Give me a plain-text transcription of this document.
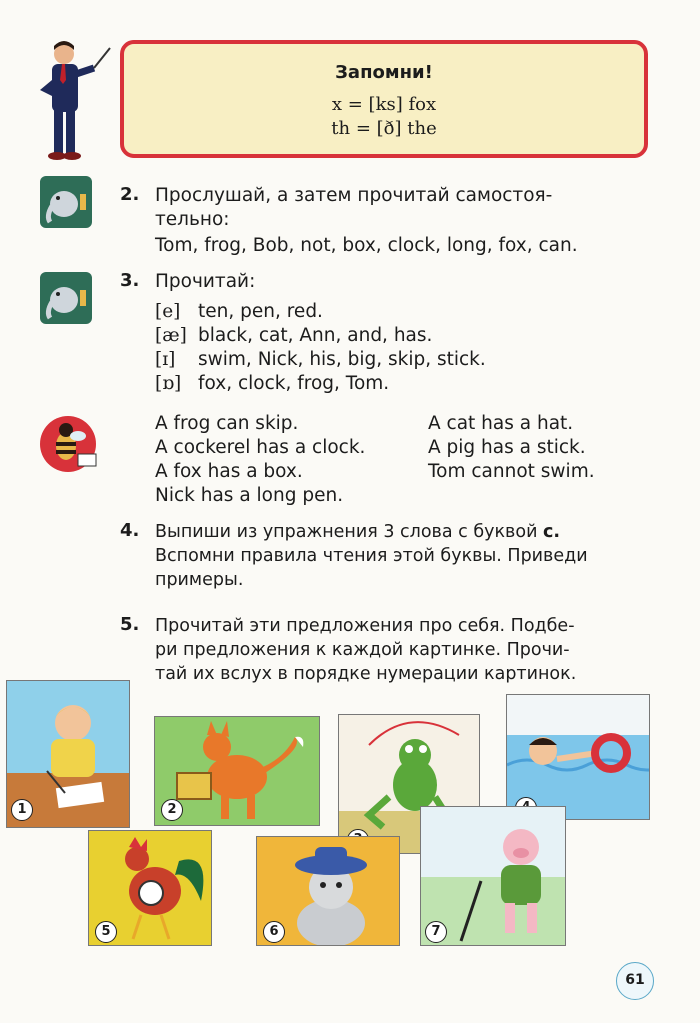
Запомни!
x = [ks] fox
th = [ð] the
2. Прослушай, а затем прочитай самостоя-
тельно:
Tom, frog, Bob, not, box, clock, long, fox, can.
3. Прочитай:
[e] ten, pen, red.
[æ] black, cat, Ann, and, has.
[ɪ] swim, Nick, his, big, skip, stick.
[ɒ] fox, clock, frog, Tom.
A frog can skip.
A cockerel has a clock.
A fox has a box.
Nick has a long pen.
A cat has a hat.
A pig has a stick.
Tom cannot swim.
4. Выпиши из упражнения 3 слова с буквой с.
Вспомни правила чтения этой буквы. Приведи
примеры.
5. Прочитай эти предложения про себя. Подбе-
ри предложения к каждой картинке. Прочи-
тай их вслух в порядке нумерации картинок.
1	2
5	6	7
61
